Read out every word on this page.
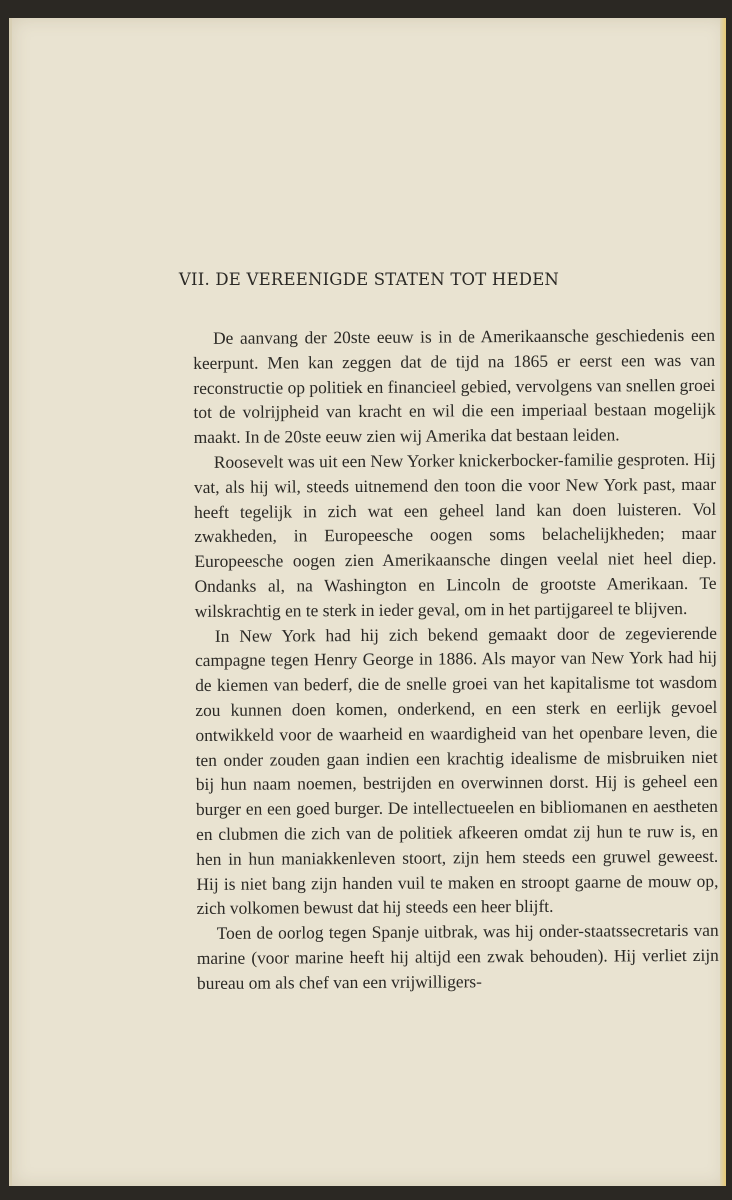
VII. DE VEREENIGDE STATEN TOT HEDEN

De aanvang der 20ste eeuw is in de Amerikaansche geschiedenis een keerpunt. Men kan zeggen dat de tijd na 1865 er eerst een was van reconstructie op politiek en financieel gebied, vervolgens van snellen groei tot de volrijpheid van kracht en wil die een imperiaal bestaan mogelijk maakt. In de 20ste eeuw zien wij Amerika dat bestaan leiden.

Roosevelt was uit een New Yorker knickerbocker-familie gesproten. Hij vat, als hij wil, steeds uitnemend den toon die voor New York past, maar heeft tegelijk in zich wat een geheel land kan doen luisteren. Vol zwakheden, in Europeesche oogen soms belachelijkheden; maar Europeesche oogen zien Amerikaansche dingen veelal niet heel diep. Ondanks al, na Washington en Lincoln de grootste Amerikaan. Te wilskrachtig en te sterk in ieder geval, om in het partijgareel te blijven.

In New York had hij zich bekend gemaakt door de zegevierende campagne tegen Henry George in 1886. Als mayor van New York had hij de kiemen van bederf, die de snelle groei van het kapitalisme tot wasdom zou kunnen doen komen, onderkend, en een sterk en eerlijk gevoel ontwikkeld voor de waarheid en waardigheid van het openbare leven, die ten onder zouden gaan indien een krachtig idealisme de misbruiken niet bij hun naam noemen, bestrijden en overwinnen dorst. Hij is geheel een burger en een goed burger. De intellectueelen en bibliomanen en aestheten en clubmen die zich van de politiek afkeeren omdat zij hun te ruw is, en hen in hun maniakkenleven stoort, zijn hem steeds een gruwel geweest. Hij is niet bang zijn handen vuil te maken en stroopt gaarne de mouw op, zich volkomen bewust dat hij steeds een heer blijft.

Toen de oorlog tegen Spanje uitbrak, was hij onder-staatssecretaris van marine (voor marine heeft hij altijd een zwak behouden). Hij verliet zijn bureau om als chef van een vrijwilligers-
